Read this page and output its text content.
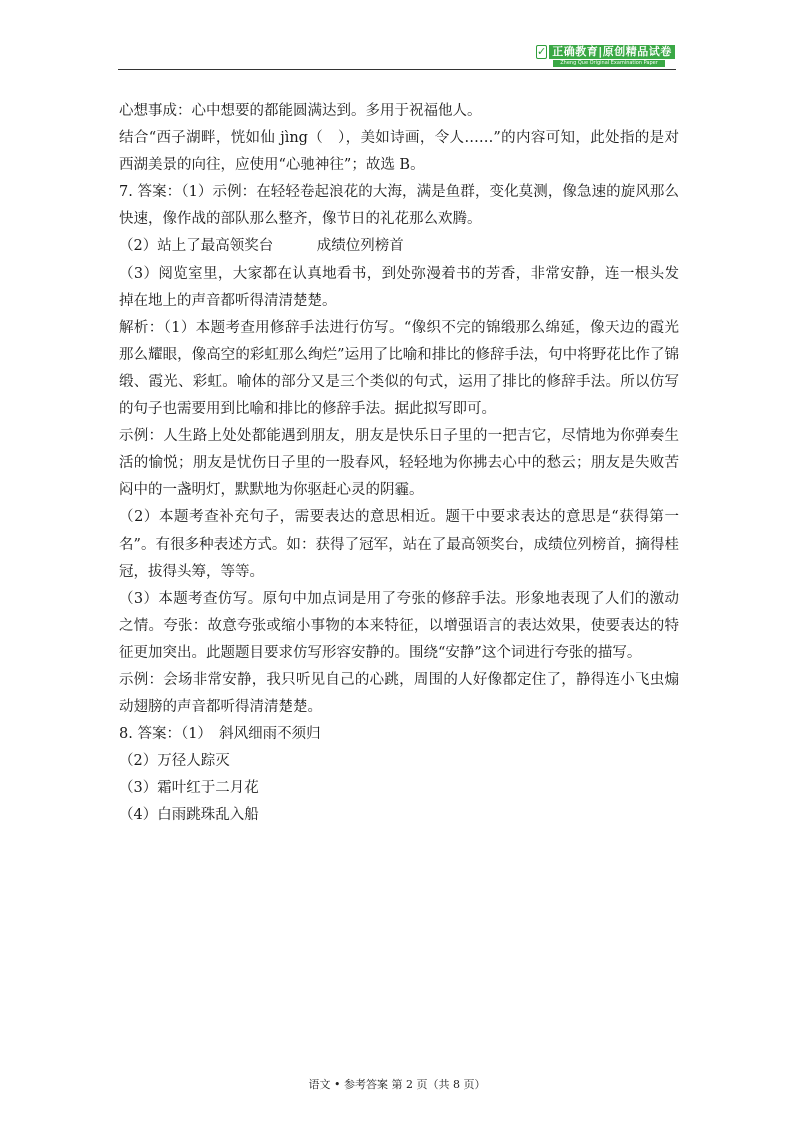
✓ 正确教育|原创精品试卷
Zheng Que Original Examination Paper

心想事成：心中想要的都能圆满达到。多用于祝福他人。

结合“西子湖畔，恍如仙 jìng（　），美如诗画，令人……”的内容可知，此处指的是对西湖美景的向往，应使用“心驰神往”；故选 B。

7. 答案：（1）示例：在轻轻卷起浪花的大海，满是鱼群，变化莫测，像急速的旋风那么快速，像作战的部队那么整齐，像节日的礼花那么欢腾。

（2）站上了最高领奖台　　　成绩位列榜首

（3）阅览室里，大家都在认真地看书，到处弥漫着书的芳香，非常安静，连一根头发掉在地上的声音都听得清清楚楚。

解析：（1）本题考查用修辞手法进行仿写。“像织不完的锦缎那么绵延，像天边的霞光那么耀眼，像高空的彩虹那么绚烂”运用了比喻和排比的修辞手法，句中将野花比作了锦缎、霞光、彩虹。喻体的部分又是三个类似的句式，运用了排比的修辞手法。所以仿写的句子也需要用到比喻和排比的修辞手法。据此拟写即可。

示例：人生路上处处都能遇到朋友，朋友是快乐日子里的一把吉它，尽情地为你弹奏生活的愉悦；朋友是忧伤日子里的一股春风，轻轻地为你拂去心中的愁云；朋友是失败苦闷中的一盏明灯，默默地为你驱赶心灵的阴霾。

（2）本题考查补充句子，需要表达的意思相近。题干中要求表达的意思是“获得第一名”。有很多种表述方式。如：获得了冠军，站在了最高领奖台，成绩位列榜首，摘得桂冠，拔得头筹，等等。

（3）本题考查仿写。原句中加点词是用了夸张的修辞手法。形象地表现了人们的激动之情。夸张：故意夸张或缩小事物的本来特征，以增强语言的表达效果，使要表达的特征更加突出。此题题目要求仿写形容安静的。围绕“安静”这个词进行夸张的描写。

示例：会场非常安静，我只听见自己的心跳，周围的人好像都定住了，静得连小飞虫煽动翅膀的声音都听得清清楚楚。

8. 答案：（1）　斜风细雨不须归

（2）万径人踪灭

（3）霜叶红于二月花

（4）白雨跳珠乱入船

语文 • 参考答案 第 2 页（共 8 页）
